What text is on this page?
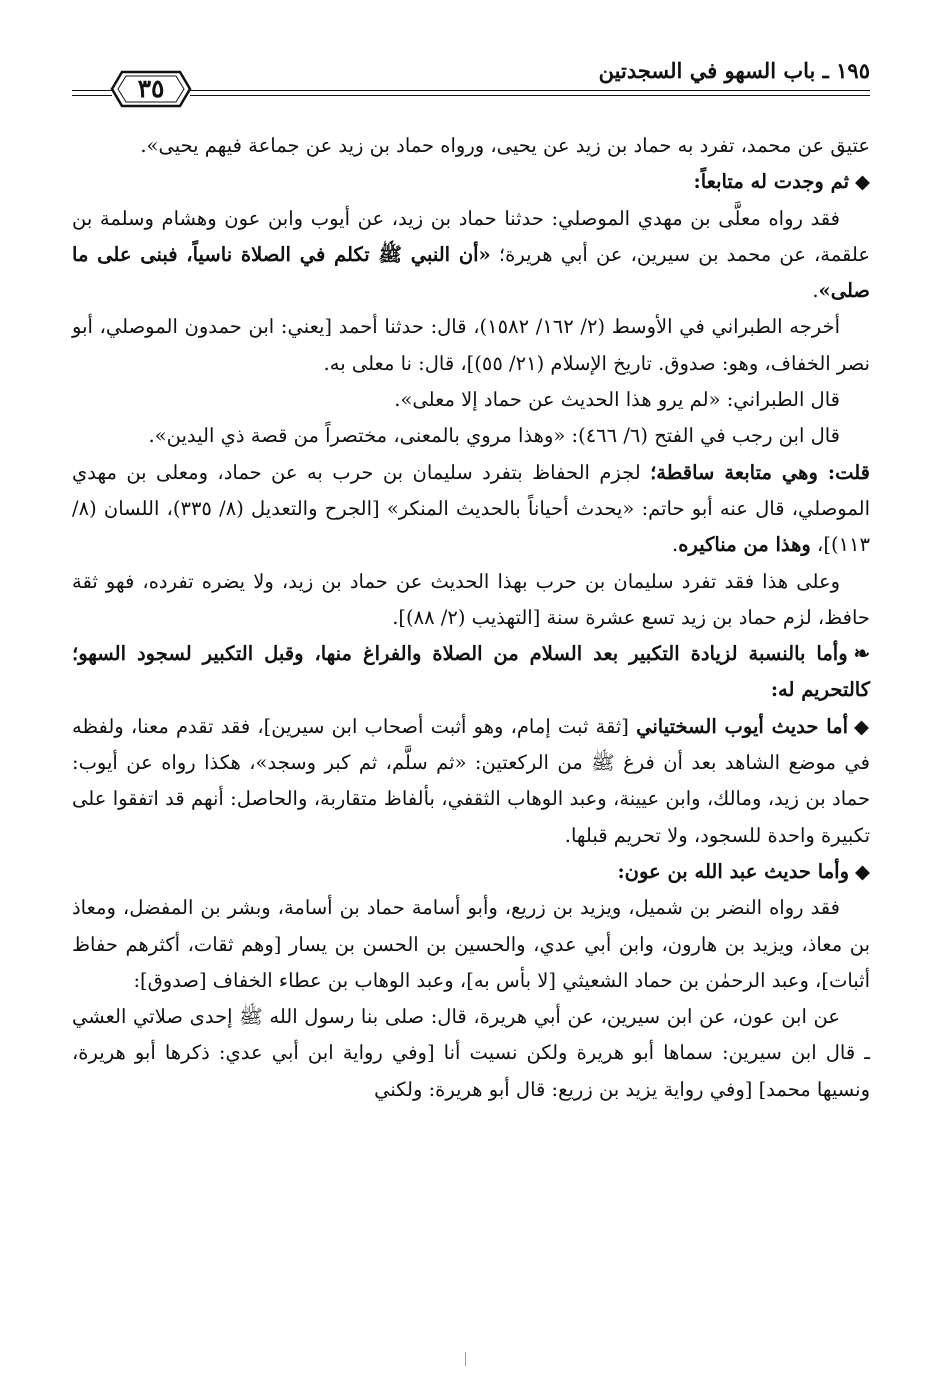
١٩٥ ـ باب السهو في السجدتين
٣٥

عتيق عن محمد، تفرد به حماد بن زيد عن يحيى، ورواه حماد بن زيد عن جماعة فيهم يحيى».

◆ثم وجدت له متابعاً:

فقد رواه معلَّى بن مهدي الموصلي: حدثنا حماد بن زيد، عن أيوب وابن عون وهشام وسلمة بن علقمة، عن محمد بن سيرين، عن أبي هريرة؛ «أن النبي ﷺ تكلم في الصلاة ناسياً، فبنى على ما صلى».

أخرجه الطبراني في الأوسط (٢/ ١٦٢/ ١٥٨٢)، قال: حدثنا أحمد [يعني: ابن حمدون الموصلي، أبو نصر الخفاف، وهو: صدوق. تاريخ الإسلام (٢١/ ٥٥)]، قال: نا معلى به.

قال الطبراني: «لم يرو هذا الحديث عن حماد إلا معلى».

قال ابن رجب في الفتح (٦/ ٤٦٦): «وهذا مروي بالمعنى، مختصراً من قصة ذي اليدين».

قلت: وهي متابعة ساقطة؛ لجزم الحفاظ بتفرد سليمان بن حرب به عن حماد، ومعلى بن مهدي الموصلي، قال عنه أبو حاتم: «يحدث أحياناً بالحديث المنكر» [الجرح والتعديل (٨/ ٣٣٥)، اللسان (٨/ ١١٣)]، وهذا من مناكيره.

وعلى هذا فقد تفرد سليمان بن حرب بهذا الحديث عن حماد بن زيد، ولا يضره تفرده، فهو ثقة حافظ، لزم حماد بن زيد تسع عشرة سنة [التهذيب (٢/ ٨٨)].

❧وأما بالنسبة لزيادة التكبير بعد السلام من الصلاة والفراغ منها، وقبل التكبير لسجود السهو؛ كالتحريم له:

◆أما حديث أيوب السختياني [ثقة ثبت إمام، وهو أثبت أصحاب ابن سيرين]، فقد تقدم معنا، ولفظه في موضع الشاهد بعد أن فرغ ﷺ من الركعتين: «ثم سلَّم، ثم كبر وسجد»، هكذا رواه عن أيوب: حماد بن زيد، ومالك، وابن عيينة، وعبد الوهاب الثقفي، بألفاظ متقاربة، والحاصل: أنهم قد اتفقوا على تكبيرة واحدة للسجود، ولا تحريم قبلها.

◆وأما حديث عبد الله بن عون:

فقد رواه النضر بن شميل، ويزيد بن زريع، وأبو أسامة حماد بن أسامة، وبشر بن المفضل، ومعاذ بن معاذ، ويزيد بن هارون، وابن أبي عدي، والحسين بن الحسن بن يسار [وهم ثقات، أكثرهم حفاظ أثبات]، وعبد الرحمٰن بن حماد الشعيثي [لا بأس به]، وعبد الوهاب بن عطاء الخفاف [صدوق]:

عن ابن عون، عن ابن سيرين، عن أبي هريرة، قال: صلى بنا رسول الله ﷺ إحدى صلاتي العشي ـ قال ابن سيرين: سماها أبو هريرة ولكن نسيت أنا [وفي رواية ابن أبي عدي: ذكرها أبو هريرة، ونسيها محمد] [وفي رواية يزيد بن زريع: قال أبو هريرة: ولكني
